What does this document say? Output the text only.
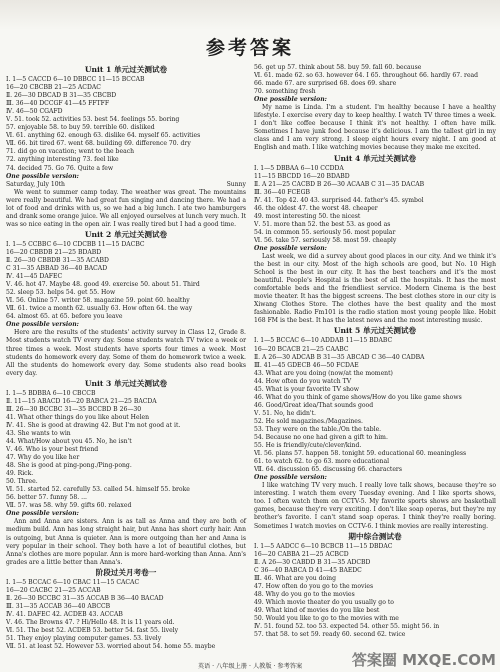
参考答案
Unit 1 单元过关测试卷
Ⅰ. 1—5 CACCD 6—10 DBBCC 11—15 BCCAB
16—20 CBCBB 21—25 ACDAC
Ⅱ. 26—30 DBCAD B 31—35 CBCBD
Ⅲ. 36—40 DCCGF 41—45 FFTFF
Ⅳ. 46—50 CGAFD
Ⅴ. 51. took 52. activities 53. best 54. feelings 55. boring
57. enjoyable 58. to buy 59. terrible 60. disliked
Ⅵ. 61. anything 62. enough 63. dislike 64. myself 65. activities
Ⅶ. 66. bit tired 67. went 68. building 69. difference 70. dry
71. did go on vacation; went to the beach
72. anything interesting 73. feel like
74. decided 75. Go 76. Quite a few
One possible version:
Saturday, July 10th	Sunny
We went to summer camp today. The weather was great. The mountains were really beautiful. We had great fun singing and dancing there. We had a lot of food and drinks with us, so we had a big lunch. I ate two hamburgers and drank some orange juice. We all enjoyed ourselves at lunch very much. It was so nice eating in the open air. I was really tired but I had a good time.
Unit 2 单元过关测试卷
Ⅰ. 1—5 CCBBC 6—10 CDCBB 11—15 DACBC
16—20 CBBDB 21—25 BDABD
Ⅱ. 26—30 CBBDB 31—35 ACABD
C 31—35 ABBAD 36—40 BACAD
Ⅳ. 41—45 DAFEC
Ⅴ. 46. hot 47. Maybe 48. good 49. exercise 50. about 51. Third
52. sleep 53. helps 54. get 55. How
Ⅵ. 56. Online 57. writer 58. magazine 59. point 60. healthy
Ⅶ. 61. twice a month 62. usually 63. How often 64. the way
64. almost 65. at 65. before you leave
One possible version:
Here are the results of the students' activity survey in Class 12, Grade 8. Most students watch TV every day. Some students watch TV twice a week or three times a week. Most students have sports four times a week. Most students do homework every day. Some of them do homework twice a week. All the students do homework every day. Some students also read books every day.
Unit 3 单元过关测试卷
Ⅰ. 1—5 BDBBA 6—10 CBCCB
Ⅱ. 11—15 ABACD 16—20 BABCA 21—25 BACDA
Ⅲ. 26—30 BCCBC 31—35 BCCBD B 26—30
41. What other things do you like about Helen
Ⅳ. 41. She is good at drawing 42. But I'm not good at it.
43. She wants to win
44. What/How about you 45. No, he isn't
Ⅴ. 46. Who is your best friend
47. Why do you like her
48. She is good at ping-pong./Ping-pong.
49. Rick.
50. Three.
Ⅵ. 51. started 52. carefully 53. called 54. himself 55. broke
56. better 57. funny 58. ...
Ⅶ. 57. was 58. why 59. gifts 60. relaxed
One possible version:
Ann and Anna are sisters. Ann is as tall as Anna and they are both of medium build. Ann has long straight hair, but Anna has short curly hair. Ann is outgoing, but Anna is quieter. Ann is more outgoing than her and Anna is very popular in their school. They both have a lot of beautiful clothes, but Anna's clothes are more popular. Ann is more hard-working than Anna. Ann's grades are a little better than Anna's.
阶段过关月考卷一
Ⅰ. 1—5 BCCAC 6—10 CBAC 11—15 CACAC
16—20 CACBC 21—25 ACCAB
Ⅱ. 26—30 BCCBC 31—35 ACCAB B 36—40 BACAD
Ⅲ. 31—35 ACCAB 36—40 ABCCB
Ⅳ. 41. DAFEC 42. ACDEB 43. ACCAB
Ⅴ. 46. The Browns 47. ? Hi/Hello 48. It is 11 years old.
Ⅵ. 51. The best 52. ACDEB 53. better 54. fast 55. lively
51. They enjoy playing computer games. 53. lively
Ⅶ. 51. at least 52. However 53. worried about 54. home 55. maybe
56. get up 57. think about 58. buy 59. fall 60. because
Ⅵ. 61. made 62. so 63. however 64. Ⅰ 65. throughout 66. hardly 67. read
66. made 67. are surprised 68. does 69. share
70. something fresh
One possible version:
My name is Linda. I'm a student. I'm healthy because I have a healthy lifestyle. I exercise every day to keep healthy. I watch TV three times a week. I don't like coffee because I think it's not healthy. I often have milk. Sometimes I have junk food because it's delicious. I am the tallest girl in my class and I am very strong. I sleep eight hours every night. I am good at English and math. I like watching movies because they make me excited.
Unit 4 单元过关测试卷
Ⅰ. 1—5 DBBAA 6—10 CCDDA
11—15 BBCDD 16—20 BDABD
Ⅱ. A 21—25 CACBD B 26—30 ACAAB C 31—35 DACAB
Ⅲ. 36—40 FCEGB
Ⅳ. 41. Top 42. 40 43. surprised 44. father's 45. symbol
46. the oldest 47. the worst 48. cheaper
49. most interesting 50. the nicest
Ⅴ. 51. more than 52. the best 53. as good as
54. in common 55. seriously 56. most popular
Ⅵ. 56. take 57. seriously 58. most 59. cheaply
One possible version:
Last week, we did a survey about good places in our city. And we think it's the best in our city. Most of the high schools are good, but No. 10 High School is the best in our city. It has the best teachers and it's the most beautiful. People's Hospital is the best of all the hospitals. It has the most comfortable beds and the friendliest service. Modern Cinema is the best movie theater. It has the biggest screens. The best clothes store in our city is Xiwang Clothes Store. The clothes have the best quality and the most fashionable. Radio Fm101 is the radio station most young people like. Hobit 168 FM is the best. It has the latest news and the most interesting music.
Unit 5 单元过关测试卷
Ⅰ. 1—5 BCCAC 6—10 ADDAB 11—15 BDABC
16—20 BCACB 21—25 CAABC
Ⅱ. A 26—30 ADCAB B 31—35 ABCAD C 36—40 CADBA
Ⅲ. 41—45 GDECB 46—50 FCDAE
43. What are you doing (now/at the moment)
44. How often do you watch TV
45. What is your favorite TV show
46. What do you think of game shows/How do you like game shows
46. Good/Great idea/That sounds good
Ⅴ. 51. No, he didn't.
52. He sold magazines./Magazines.
53. They were on the table./On the table.
54. Because no one had given a gift to him.
55. He is friendly/cute/clever/kind.
Ⅵ. 56. plans 57. happen 58. tonight 59. educational 60. meaningless
61. to watch 62. to go 63. more educational
Ⅶ. 64. discussion 65. discussing 66. characters
One possible version:
I like watching TV very much. I really love talk shows, because they're so interesting. I watch them every Tuesday evening. And I like sports shows, too. I often watch them on CCTV-5. My favorite sports shows are basketball games, because they're very exciting. I don't like soap operas, but they're my brother's favorite. I can't stand soap operas. I think they're really boring. Sometimes I watch movies on CCTV-6. I think movies are really interesting.
期中综合测试卷
Ⅰ. 1—5 AADCC 6—10 BCBCB 11—15 DBDAC
16—20 CABBA 21—25 ACBCD
Ⅱ. A 26—30 CABDD B 31—35 ADCBD
C 36—40 BABCA D 41—45 BAEDC
Ⅲ. 46. What are you doing
47. How often do you go to the movies
48. Why do you go to the movies
49. Which movie theater do you usually go to
49. What kind of movies do you like best
50. Would you like to go to the movies with me
Ⅳ. 51. found 52. too 53. expected 54. other 55. might 56. in
57. that 58. to set 59. ready 60. second 62. twice
英语 · 八年级上册 · 人教版 · 参考答案	答案圈 MXQE.COM
